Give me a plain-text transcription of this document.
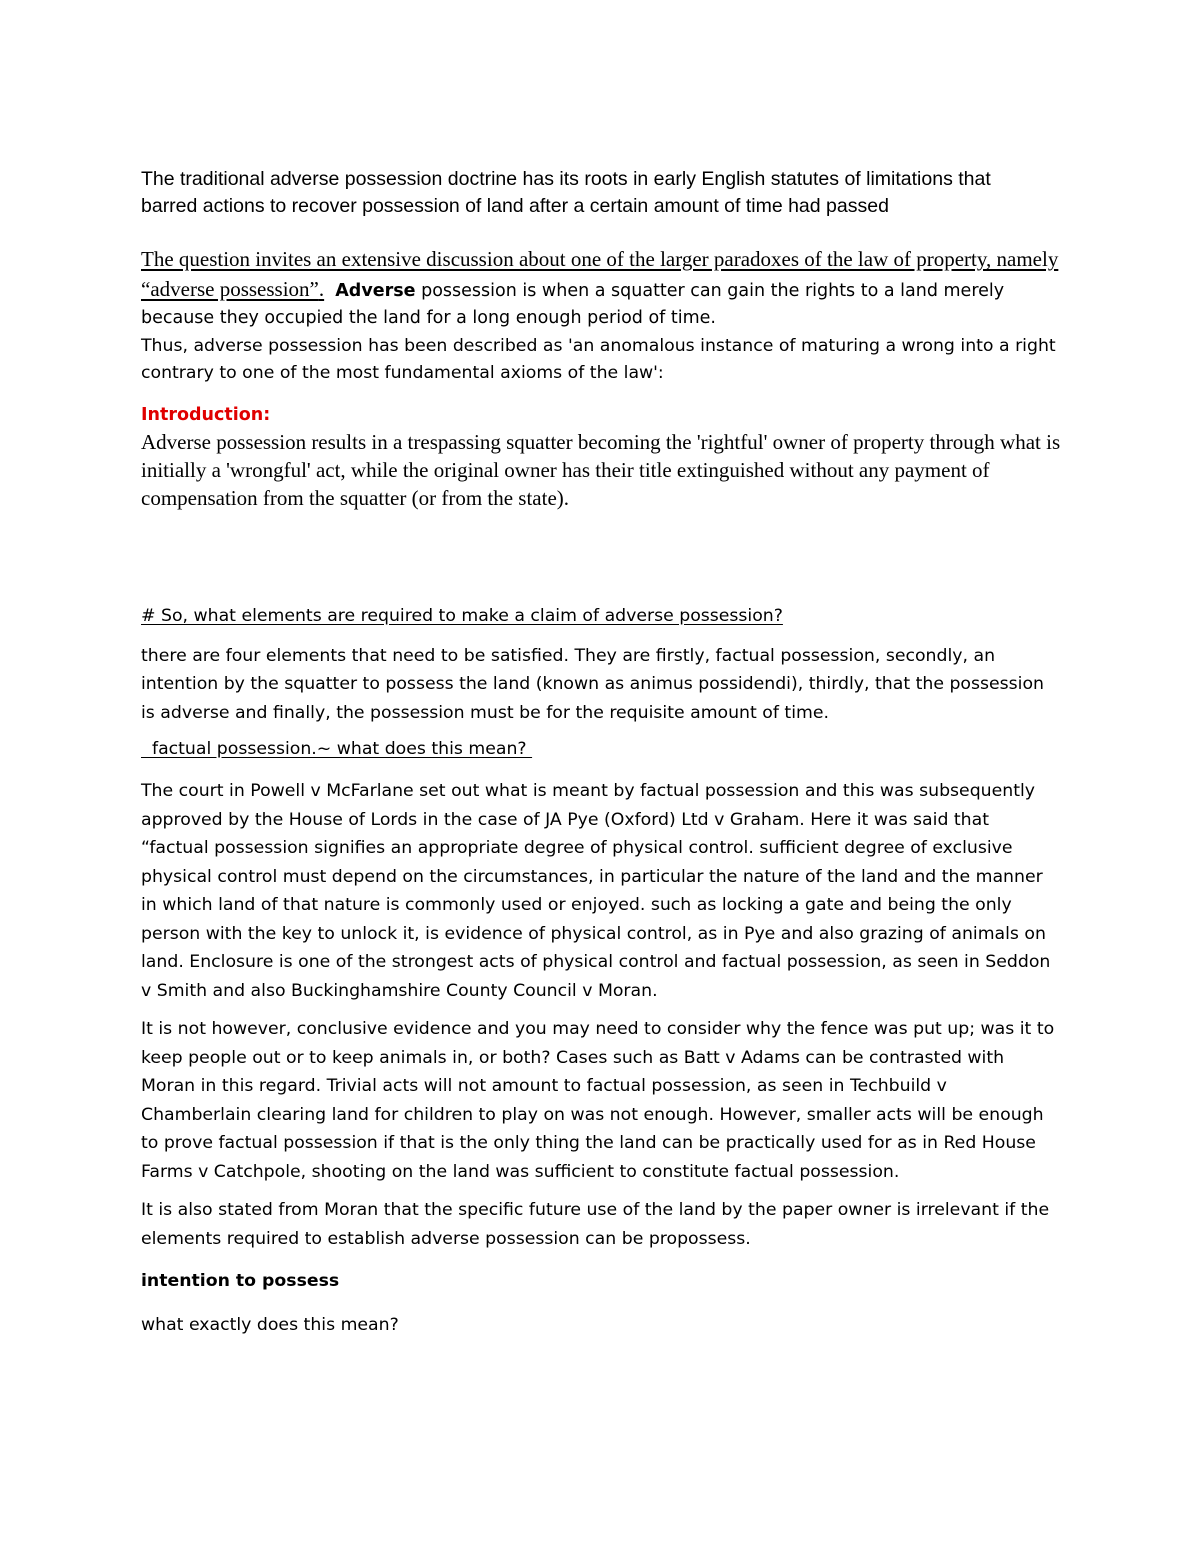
The traditional adverse possession doctrine has its roots in early English statutes of limitations that barred actions to recover possession of land after a certain amount of time had passed

The question invites an extensive discussion about one of the larger paradoxes of the law of property, namely “adverse possession”. Adverse possession is when a squatter can gain the rights to a land merely because they occupied the land for a long enough period of time.

Thus, adverse possession has been described as 'an anomalous instance of maturing a wrong into a right contrary to one of the most fundamental axioms of the law':

Introduction:

Adverse possession results in a trespassing squatter becoming the 'rightful' owner of property through what is initially a 'wrongful' act, while the original owner has their title extinguished without any payment of compensation from the squatter (or from the state).

# So, what elements are required to make a claim of adverse possession?

there are four elements that need to be satisfied. They are firstly, factual possession, secondly, an intention by the squatter to possess the land (known as animus possidendi), thirdly, that the possession is adverse and finally, the possession must be for the requisite amount of time.

factual possession.~ what does this mean?

The court in Powell v McFarlane set out what is meant by factual possession and this was subsequently approved by the House of Lords in the case of JA Pye (Oxford) Ltd v Graham. Here it was said that “factual possession signifies an appropriate degree of physical control. sufficient degree of exclusive physical control must depend on the circumstances, in particular the nature of the land and the manner in which land of that nature is commonly used or enjoyed. such as locking a gate and being the only person with the key to unlock it, is evidence of physical control, as in Pye and also grazing of animals on land. Enclosure is one of the strongest acts of physical control and factual possession, as seen in Seddon v Smith and also Buckinghamshire County Council v Moran.

It is not however, conclusive evidence and you may need to consider why the fence was put up; was it to keep people out or to keep animals in, or both? Cases such as Batt v Adams can be contrasted with Moran in this regard. Trivial acts will not amount to factual possession, as seen in Techbuild v Chamberlain clearing land for children to play on was not enough. However, smaller acts will be enough to prove factual possession if that is the only thing the land can be practically used for as in Red House Farms v Catchpole, shooting on the land was sufficient to constitute factual possession.

It is also stated from Moran that the specific future use of the land by the paper owner is irrelevant if the elements required to establish adverse possession can be propossess.

intention to possess

what exactly does this mean?
